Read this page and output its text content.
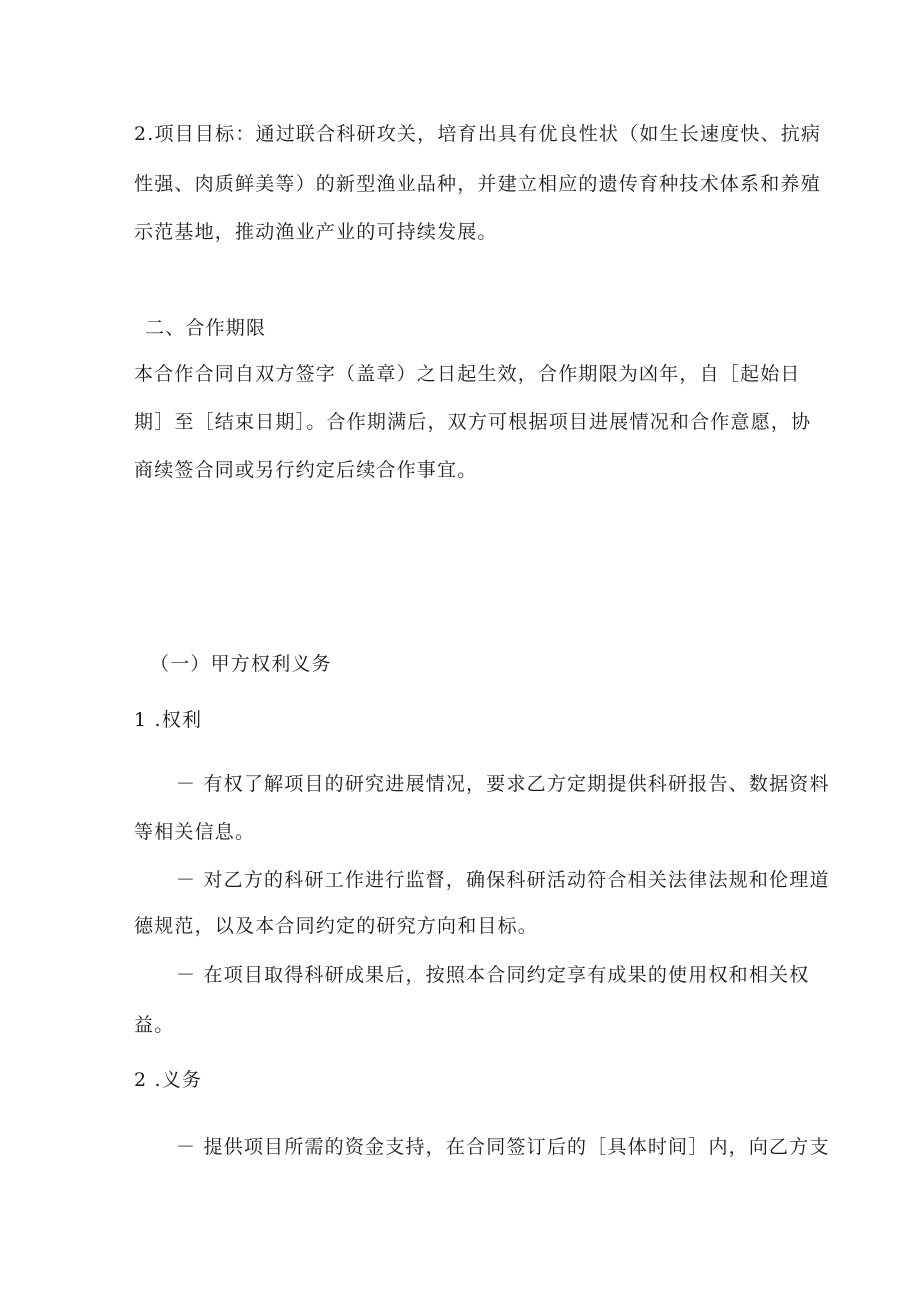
2.项目目标：通过联合科研攻关，培育出具有优良性状（如生长速度快、抗病
性强、肉质鲜美等）的新型渔业品种，并建立相应的遗传育种技术体系和养殖
示范基地，推动渔业产业的可持续发展。
二、合作期限
本合作合同自双方签字（盖章）之日起生效，合作期限为凶年，自［起始日
期］至［结束日期］。合作期满后，双方可根据项目进展情况和合作意愿，协
商续签合同或另行约定后续合作事宜。
（一）甲方权利义务
1 .权利
－ 有权了解项目的研究进展情况，要求乙方定期提供科研报告、数据资料
等相关信息。
－ 对乙方的科研工作进行监督，确保科研活动符合相关法律法规和伦理道
德规范，以及本合同约定的研究方向和目标。
－ 在项目取得科研成果后，按照本合同约定享有成果的使用权和相关权
益。
2 .义务
－ 提供项目所需的资金支持，在合同签订后的［具体时间］内，向乙方支
